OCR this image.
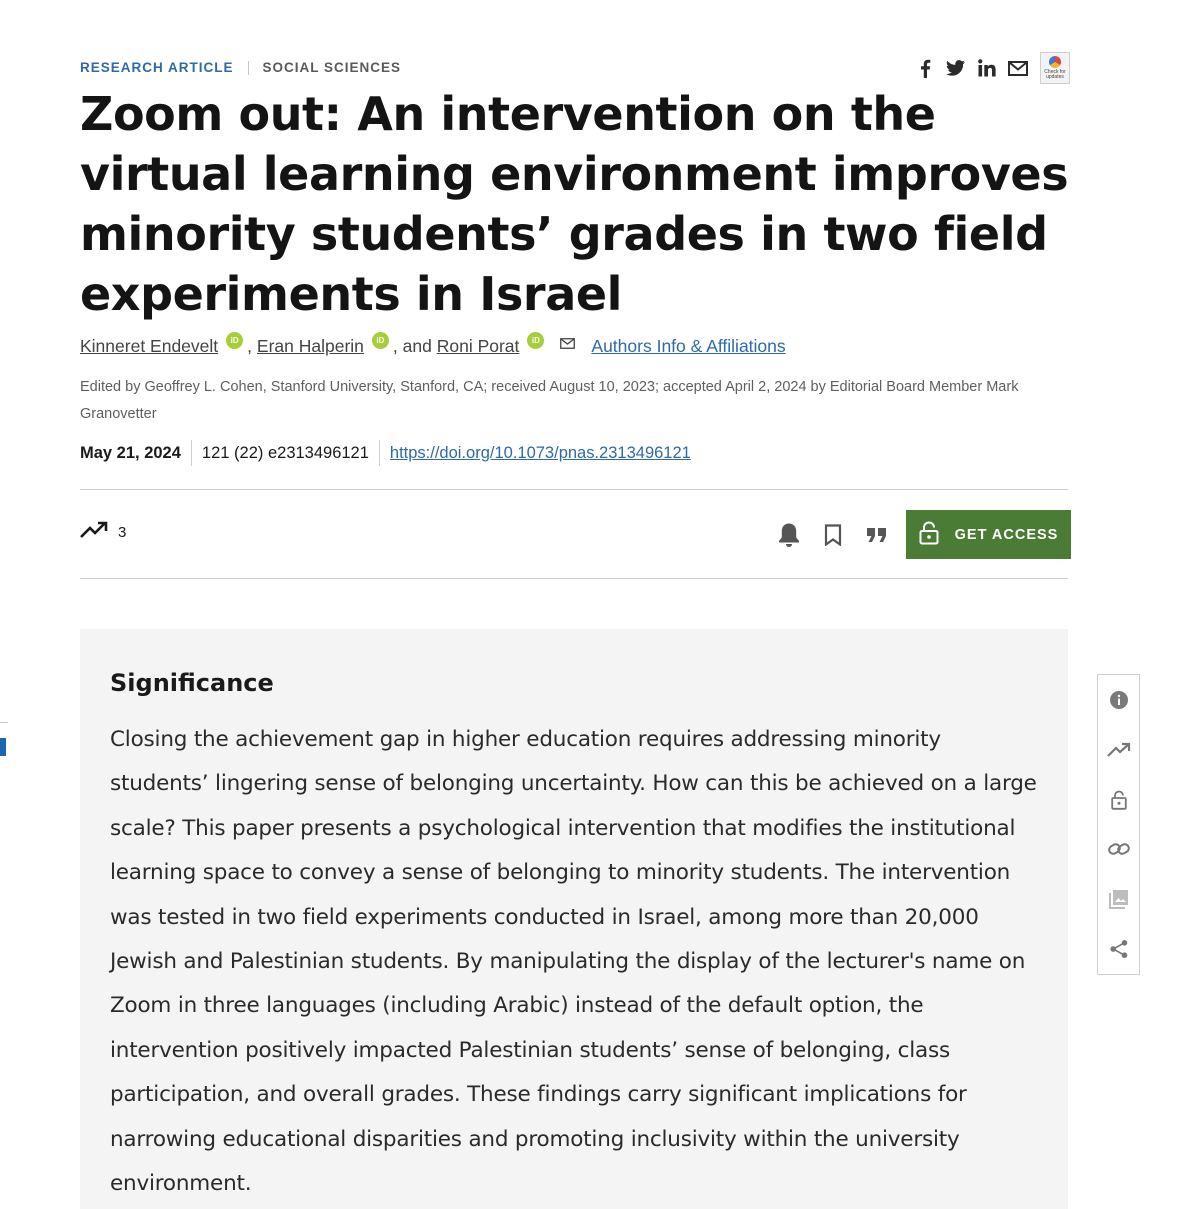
RESEARCH ARTICLE SOCIAL SCIENCES	Check for updates
Zoom out: An intervention on the virtual learning environment improves minority students’ grades in two field experiments in Israel
Kinneret Endevelt	iD ,
Eran Halperin	iD , and
Roni Porat	iD	Authors Info & Affiliations
Edited by Geoffrey L. Cohen, Stanford University, Stanford, CA; received August 10, 2023; accepted April 2, 2024 by Editorial Board Member Mark Granovetter
May 21, 2024 121 (22) e2313496121 https://doi.org/10.1073/pnas.2313496121
3	GET ACCESS
Significance

Closing the achievement gap in higher education requires addressing minority students’ lingering sense of belonging uncertainty. How can this be achieved on a large scale? This paper presents a psychological intervention that modifies the institutional learning space to convey a sense of belonging to minority students. The intervention was tested in two field experiments conducted in Israel, among more than 20,000 Jewish and Palestinian students. By manipulating the display of the lecturer's name on Zoom in three languages (including Arabic) instead of the default option, the intervention positively impacted Palestinian students’ sense of belonging, class participation, and overall grades. These findings carry significant implications for narrowing educational disparities and promoting inclusivity within the university environment.
